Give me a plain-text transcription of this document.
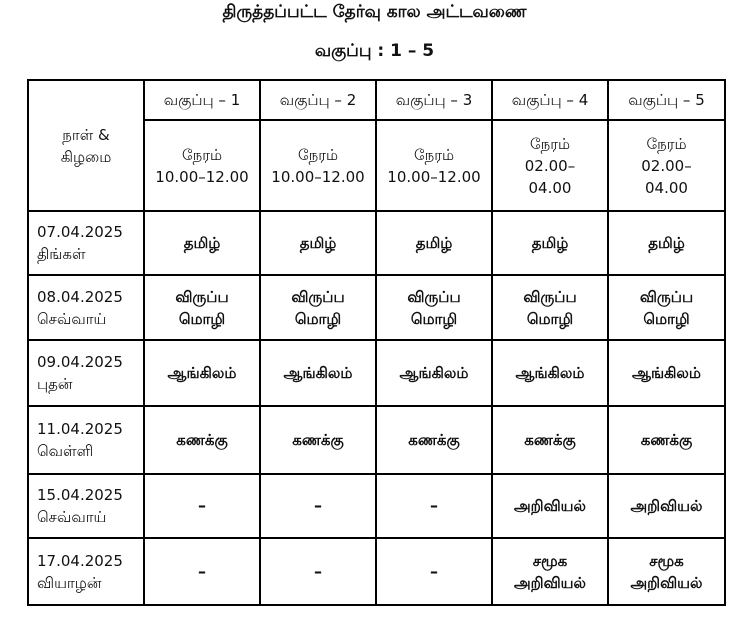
திருத்தப்பட்ட தேர்வு கால அட்டவணை
வகுப்பு : 1 – 5
நாள் &
கிழமை	வகுப்பு – 1	வகுப்பு – 2	வகுப்பு – 3	வகுப்பு – 4	வகுப்பு – 5

	நேரம்
10.00–12.00	நேரம்
10.00–12.00	நேரம்
10.00–12.00	நேரம்
02.00–
04.00	நேரம்
02.00–
04.00

07.04.2025
திங்கள்	தமிழ்	தமிழ்	தமிழ்	தமிழ்	தமிழ்

08.04.2025
செவ்வாய்	விருப்ப
மொழி	விருப்ப
மொழி	விருப்ப
மொழி	விருப்ப
மொழி	விருப்ப
மொழி

09.04.2025
புதன்	ஆங்கிலம்	ஆங்கிலம்	ஆங்கிலம்	ஆங்கிலம்	ஆங்கிலம்

11.04.2025
வெள்ளி	கணக்கு	கணக்கு	கணக்கு	கணக்கு	கணக்கு

15.04.2025
செவ்வாய்	–	–	–	அறிவியல்	அறிவியல்

17.04.2025
வியாழன்	–	–	–	சமூக
அறிவியல்	சமூக
அறிவியல்
